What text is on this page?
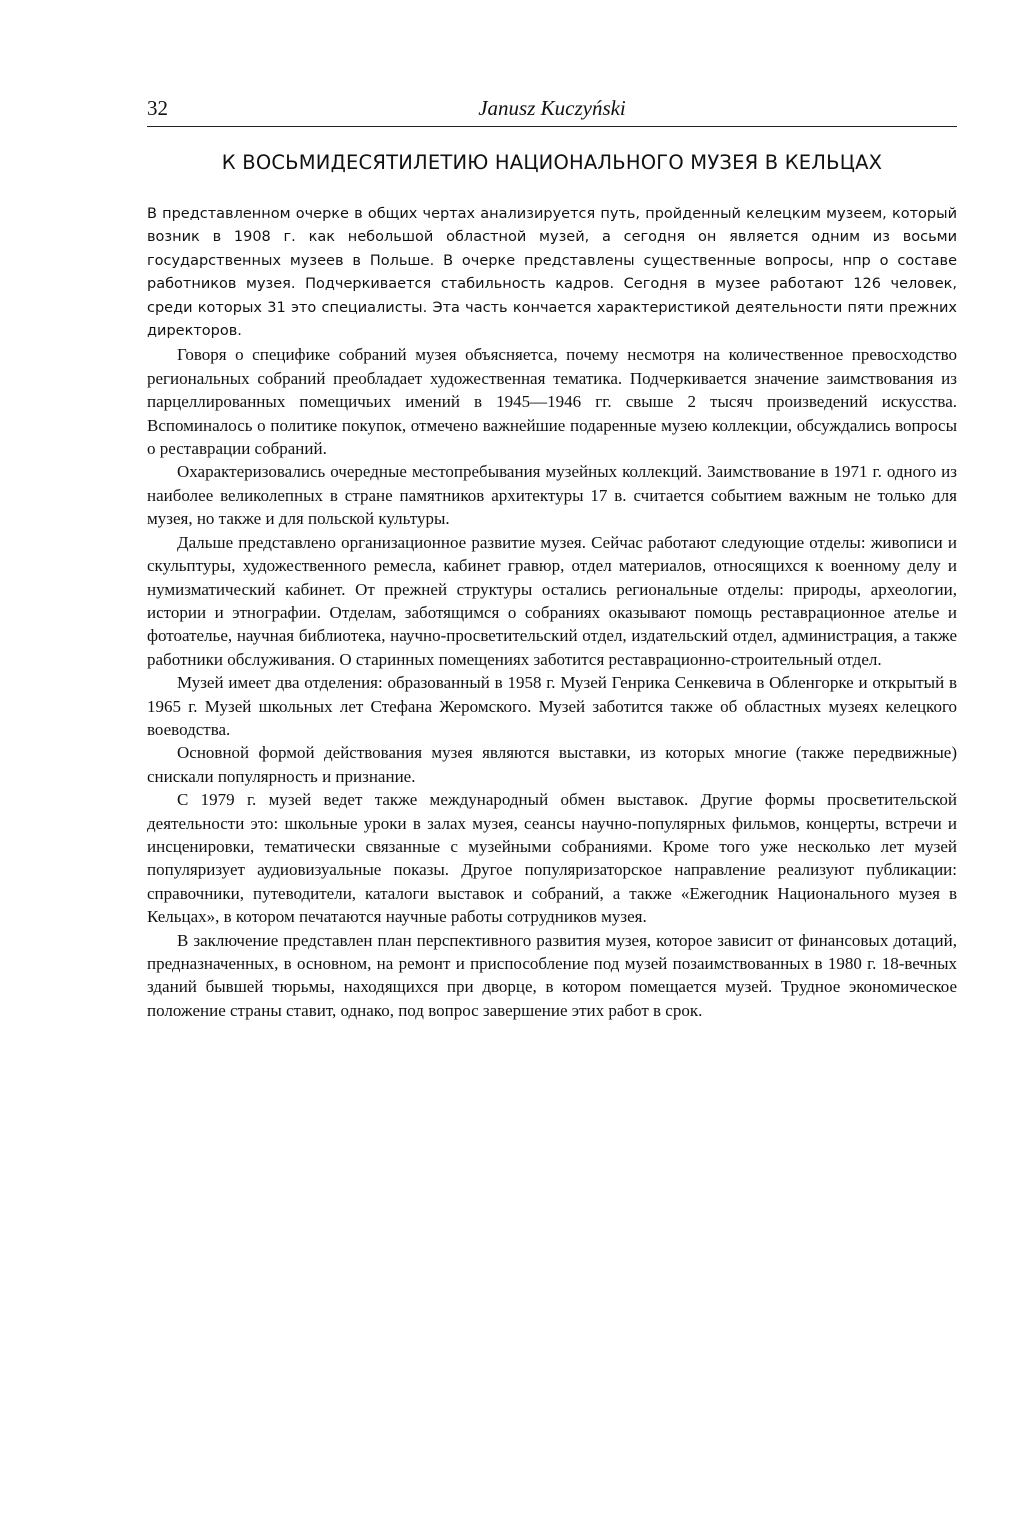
32	Janusz Kuczyński
К ВОСЬМИДЕСЯТИЛЕТИЮ НАЦИОНАЛЬНОГО МУЗЕЯ В КЕЛЬЦАХ

В представленном очерке в общих чертах анализируется путь, пройденный келецким музеем, который возник в 1908 г. как небольшой областной музей, а сегодня он является одним из восьми государственных музеев в Польше. В очерке представлены существенные вопросы, нпр о составе работников музея. Подчеркивается стабильность кадров. Сегодня в музее работают 126 человек, среди которых 31 это специалисты. Эта часть кончается характеристикой деятельности пяти прежних директоров.

Говоря о специфике собраний музея объясняетса, почему несмотря на количественное превосходство региональных собраний преобладает художественная тематика. Подчеркивается значение заимствования из парцеллированных помещичьих имений в 1945—1946 гг. свыше 2 тысяч произведений искусства. Вспоминалось о политике покупок, отмечено важнейшие подаренные музею коллекции, обсуждались вопросы о реставрации собраний.

Охарактеризовались очередные местопребывания музейных коллекций. Заимствование в 1971 г. одного из наиболее великолепных в стране памятников архитектуры 17 в. считается событием важным не только для музея, но также и для польской культуры.

Дальше представлено организационное развитие музея. Сейчас работают следующие отделы: живописи и скульптуры, художественного ремесла, кабинет гравюр, отдел материалов, относящихся к военному делу и нумизматический кабинет. От прежней структуры остались региональные отделы: природы, археологии, истории и этнографии. Отделам, заботящимся о собраниях оказывают помощь реставрационное ателье и фотоателье, научная библиотека, научно-просветительский отдел, издательский отдел, администрация, а также работники обслуживания. О старинных помещениях заботится реставрационно-строительный отдел.

Музей имеет два отделения: образованный в 1958 г. Музей Генрика Сенкевича в Обленгорке и открытый в 1965 г. Музей школьных лет Стефана Жеромского. Музей заботится также об областных музеях келецкого воеводства.

Основной формой действования музея являются выставки, из которых многие (также передвижные) снискали популярность и признание.

С 1979 г. музей ведет также международный обмен выставок. Другие формы просветительской деятельности это: школьные уроки в залах музея, сеансы научно-популярных фильмов, концерты, встречи и инсценировки, тематически связанные с музейными собраниями. Кроме того уже несколько лет музей популяризует аудиовизуальные показы. Другое популяризаторское направление реализуют публикации: справочники, путеводители, каталоги выставок и собраний, а также «Ежегодник Национального музея в Кельцах», в котором печатаются научные работы сотрудников музея.

В заключение представлен план перспективного развития музея, которое зависит от финансовых дотаций, предназначенных, в основном, на ремонт и приспособление под музей позаимствованных в 1980 г. 18-вечных зданий бывшей тюрьмы, находящихся при дворце, в котором помещается музей. Трудное экономическое положение страны ставит, однако, под вопрос завершение этих работ в срок.
